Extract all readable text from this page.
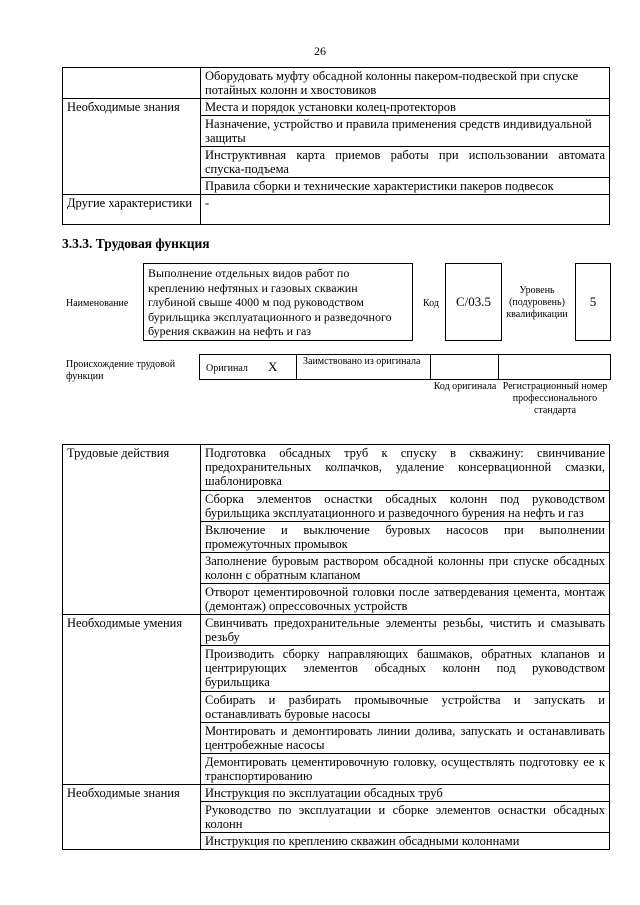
26
	Оборудовать муфту обсадной колонны пакером-подвеской при спуске потайных колонн и хвостовиков
Необходимые знания	Места и порядок установки колец-протекторов
	Назначение, устройство и правила применения средств индивидуальной защиты
	Инструктивная карта приемов работы при использовании автомата спуска-подъема
	Правила сборки и технические характеристики пакеров подвесок
Другие характеристики	-
3.3.3. Трудовая функция
Наименование
Выполнение отдельных видов работ по креплению нефтяных и газовых скважин глубиной свыше 4000 м под руководством бурильщика эксплуатационного и разведочного бурения скважин на нефть и газ
Код C/03.5
Уровень (подуровень) квалификации
5
Происхождение трудовой функции
Оригинал X	Заимствовано из оригинала
Код оригинала Регистрационный номер профессионального стандарта
Трудовые действия	Подготовка обсадных труб к спуску в скважину: свинчивание предохранительных колпачков, удаление консервационной смазки, шаблонировка
	Сборка элементов оснастки обсадных колонн под руководством бурильщика эксплуатационного и разведочного бурения на нефть и газ
	Включение и выключение буровых насосов при выполнении промежуточных промывок
	Заполнение буровым раствором обсадной колонны при спуске обсадных колонн с обратным клапаном
	Отворот цементировочной головки после затвердевания цемента, монтаж (демонтаж) опрессовочных устройств
Необходимые умения	Свинчивать предохранительные элементы резьбы, чистить и смазывать резьбу
	Производить сборку направляющих башмаков, обратных клапанов и центрирующих элементов обсадных колонн под руководством бурильщика
	Собирать и разбирать промывочные устройства и запускать и останавливать буровые насосы
	Монтировать и демонтировать линии долива, запускать и останавливать центробежные насосы
	Демонтировать цементировочную головку, осуществлять подготовку ее к транспортированию
Необходимые знания	Инструкция по эксплуатации обсадных труб
	Руководство по эксплуатации и сборке элементов оснастки обсадных колонн
	Инструкция по креплению скважин обсадными колоннами
